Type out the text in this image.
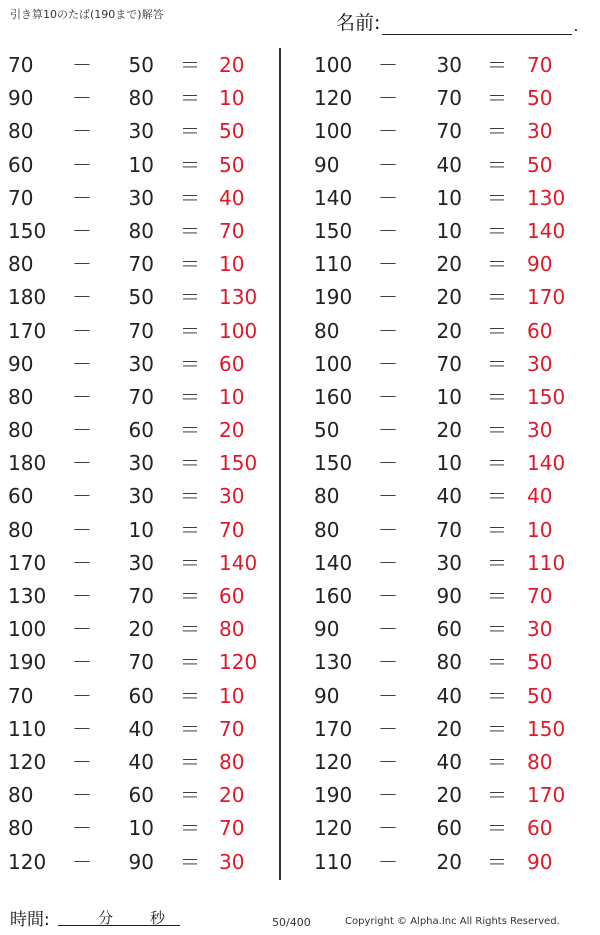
引き算10のたば(190まで)解答	名前:	.
70	－	50 ＝ 20
90	－	80 ＝ 10
80	－	30 ＝ 50
60	－	10 ＝ 50
70	－	30 ＝ 40
150	－	80 ＝ 70
80	－	70 ＝ 10
180	－	50 ＝ 130
170	－	70 ＝ 100
90	－	30 ＝ 60
80	－	70 ＝ 10
80	－	60 ＝ 20
180	－	30 ＝ 150
60	－	30 ＝ 30
80	－	10 ＝ 70
170	－	30 ＝ 140
130	－	70 ＝ 60
100	－	20 ＝ 80
190	－	70 ＝ 120
70	－	60 ＝ 10
110	－	40 ＝ 70
120	－	40 ＝ 80
80	－	60 ＝ 20
80	－	10 ＝ 70
120	－	90 ＝ 30
100	－	30 ＝ 70
120	－	70 ＝ 50
100	－	70 ＝ 30
90	－	40 ＝ 50
140	－	10 ＝ 130
150	－	10 ＝ 140
110	－	20 ＝ 90
190	－	20 ＝ 170
80	－	20 ＝ 60
100	－	70 ＝ 30
160	－	10 ＝ 150
50	－	20 ＝ 30
150	－	10 ＝ 140
80	－	40 ＝ 40
80	－	70 ＝ 10
140	－	30 ＝ 110
160	－	90 ＝ 70
90	－	60 ＝ 30
130	－	80 ＝ 50
90	－	40 ＝ 50
170	－	20 ＝ 150
120	－	40 ＝ 80
190	－	20 ＝ 170
120	－	60 ＝ 60
110	－	20 ＝ 90
時間:	分 秒	50/400	Copyright © Alpha.Inc All Rights Reserved.
